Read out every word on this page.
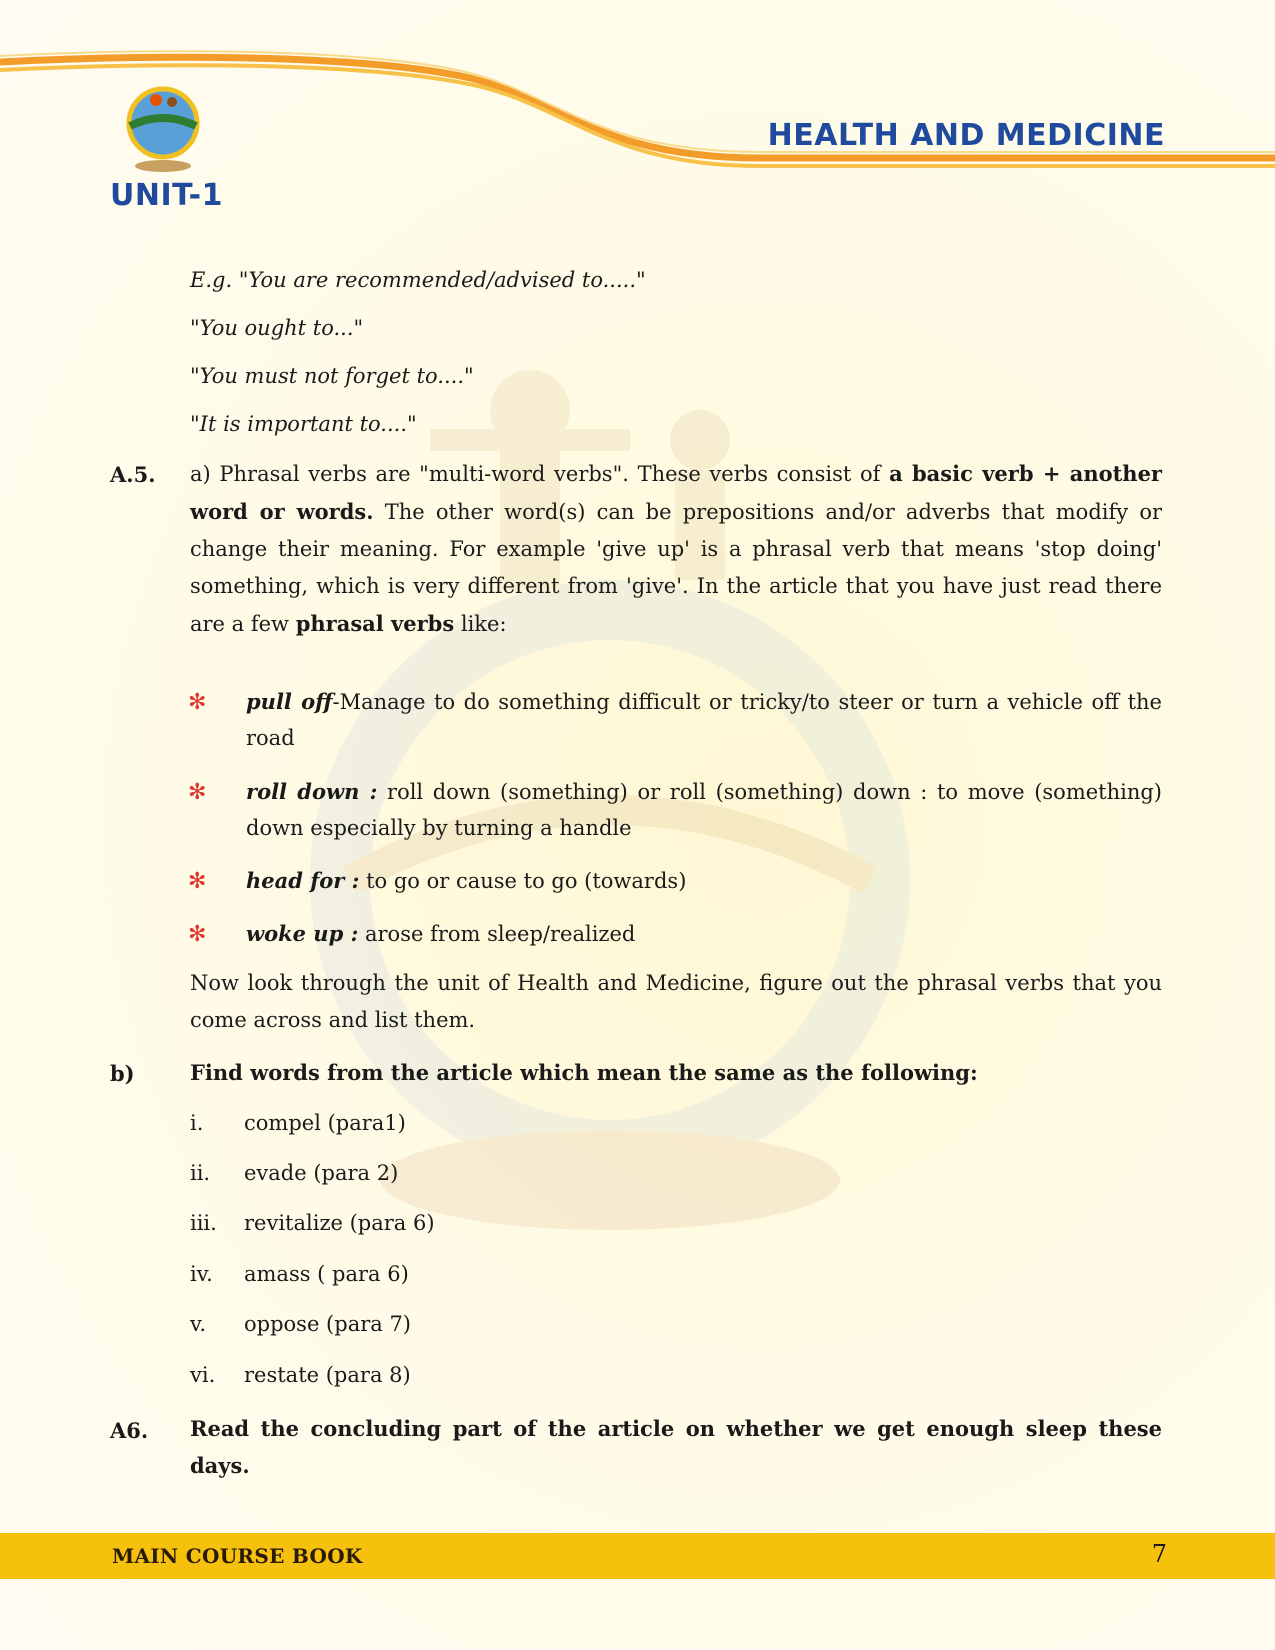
UNIT-1
HEALTH AND MEDICINE
E.g. "You are recommended/advised to....."
"You ought to..."
"You must not forget to...."
"It is important to...."
A.5. a) Phrasal verbs are "multi-word verbs". These verbs consist of a basic verb + another word or words. The other word(s) can be prepositions and/or adverbs that modify or change their meaning. For example 'give up' is a phrasal verb that means 'stop doing' something, which is very different from 'give'. In the article that you have just read there are a few phrasal verbs like:
✻ pull off-Manage to do something difficult or tricky/to steer or turn a vehicle off the road
✻ roll down : roll down (something) or roll (something) down : to move (something) down especially by turning a handle
✻ head for : to go or cause to go (towards)
✻ woke up : arose from sleep/realized
Now look through the unit of Health and Medicine, figure out the phrasal verbs that you come across and list them.
b)	Find words from the article which mean the same as the following:
i. compel (para1)
ii. evade (para 2)
iii. revitalize (para 6)
iv. amass ( para 6)
v. oppose (para 7)
vi. restate (para 8)
A6. Read the concluding part of the article on whether we get enough sleep these days.
MAIN COURSE BOOK	7
